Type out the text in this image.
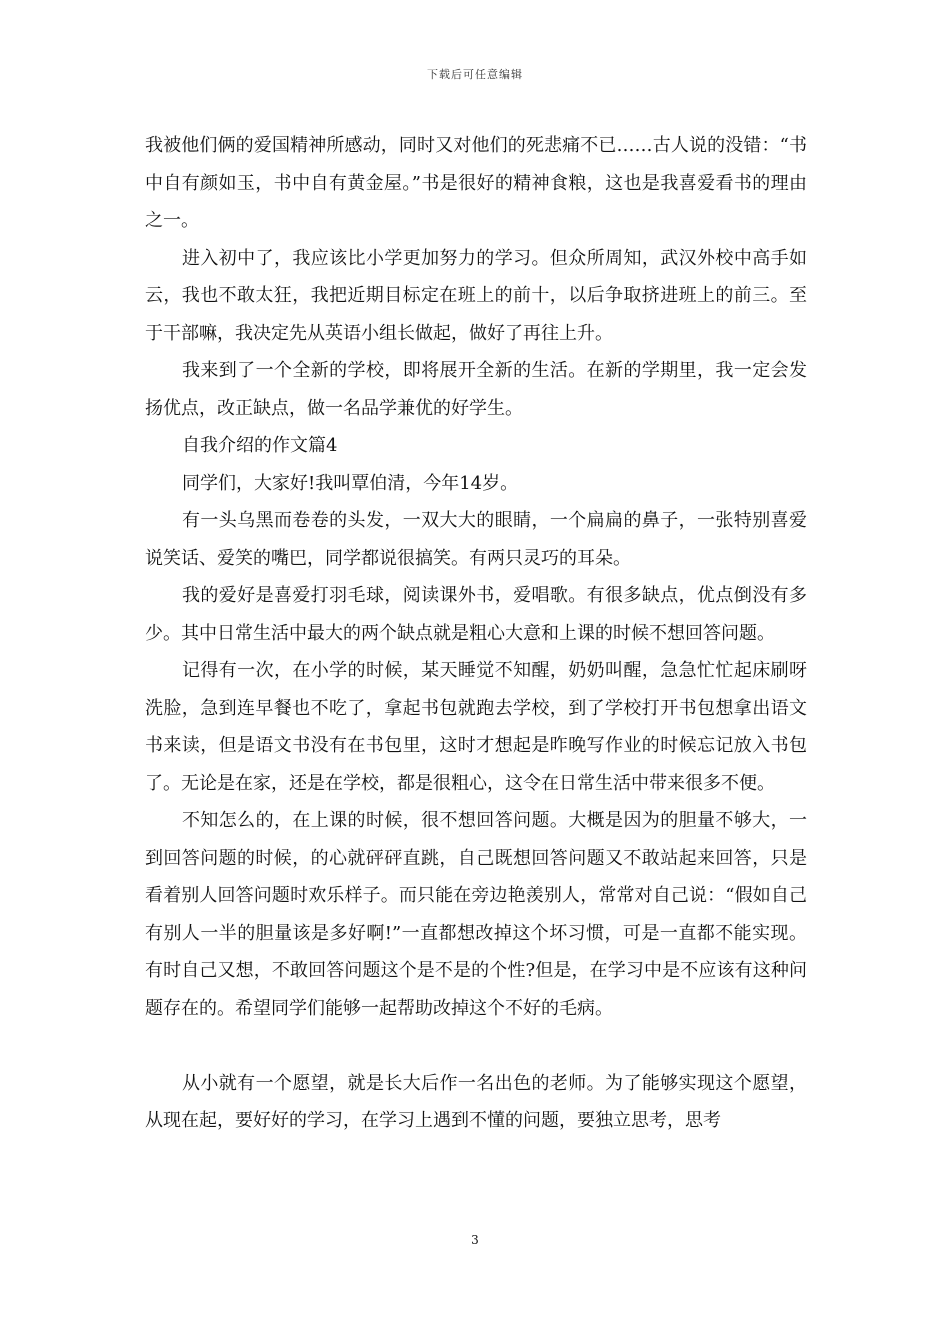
下载后可任意编辑

我被他们俩的爱国精神所感动，同时又对他们的死悲痛不已……古人说的没错：“书中自有颜如玉，书中自有黄金屋。”书是很好的精神食粮，这也是我喜爱看书的理由之一。

进入初中了，我应该比小学更加努力的学习。但众所周知，武汉外校中高手如云，我也不敢太狂，我把近期目标定在班上的前十，以后争取挤进班上的前三。至于干部嘛，我决定先从英语小组长做起，做好了再往上升。

我来到了一个全新的学校，即将展开全新的生活。在新的学期里，我一定会发扬优点，改正缺点，做一名品学兼优的好学生。

自我介绍的作文篇4

同学们，大家好!我叫覃伯清，今年14岁。

有一头乌黑而卷卷的头发，一双大大的眼睛，一个扁扁的鼻子，一张特别喜爱说笑话、爱笑的嘴巴，同学都说很搞笑。有两只灵巧的耳朵。

我的爱好是喜爱打羽毛球，阅读课外书，爱唱歌。有很多缺点，优点倒没有多少。其中日常生活中最大的两个缺点就是粗心大意和上课的时候不想回答问题。

记得有一次，在小学的时候，某天睡觉不知醒，奶奶叫醒，急急忙忙起床刷呀洗脸，急到连早餐也不吃了，拿起书包就跑去学校，到了学校打开书包想拿出语文书来读，但是语文书没有在书包里，这时才想起是昨晚写作业的时候忘记放入书包了。无论是在家，还是在学校，都是很粗心，这令在日常生活中带来很多不便。

不知怎么的，在上课的时候，很不想回答问题。大概是因为的胆量不够大，一到回答问题的时候，的心就砰砰直跳，自己既想回答问题又不敢站起来回答，只是看着别人回答问题时欢乐样子。而只能在旁边艳羡别人，常常对自己说：“假如自己有别人一半的胆量该是多好啊!”一直都想改掉这个坏习惯，可是一直都不能实现。有时自己又想，不敢回答问题这个是不是的个性?但是，在学习中是不应该有这种问题存在的。希望同学们能够一起帮助改掉这个不好的毛病。

从小就有一个愿望，就是长大后作一名出色的老师。为了能够实现这个愿望，从现在起，要好好的学习，在学习上遇到不懂的问题，要独立思考，思考

3
